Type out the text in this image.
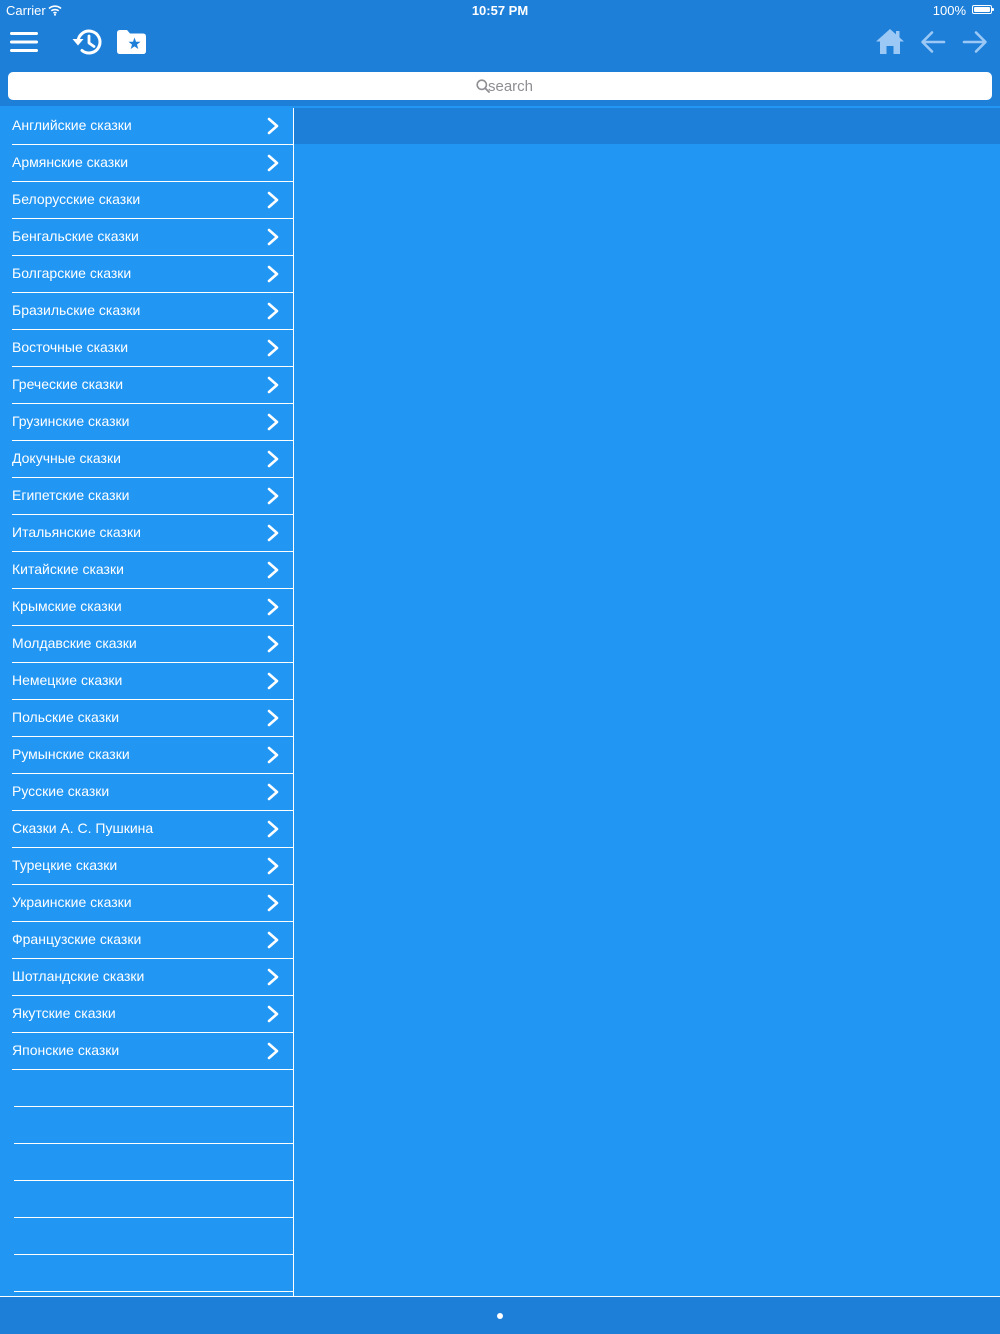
Carrier	10:57 PM	100%
search
Английские сказки
Армянские сказки
Белорусские сказки
Бенгальские сказки
Болгарские сказки
Бразильские сказки
Восточные сказки
Греческие сказки
Грузинские сказки
Докучные сказки
Египетские сказки
Итальянские сказки
Китайские сказки
Крымские сказки
Молдавские сказки
Немецкие сказки
Польские сказки
Румынские сказки
Русские сказки
Сказки А. С. Пушкина
Турецкие сказки
Украинские сказки
Французские сказки
Шотландские сказки
Якутские сказки
Японские сказки
